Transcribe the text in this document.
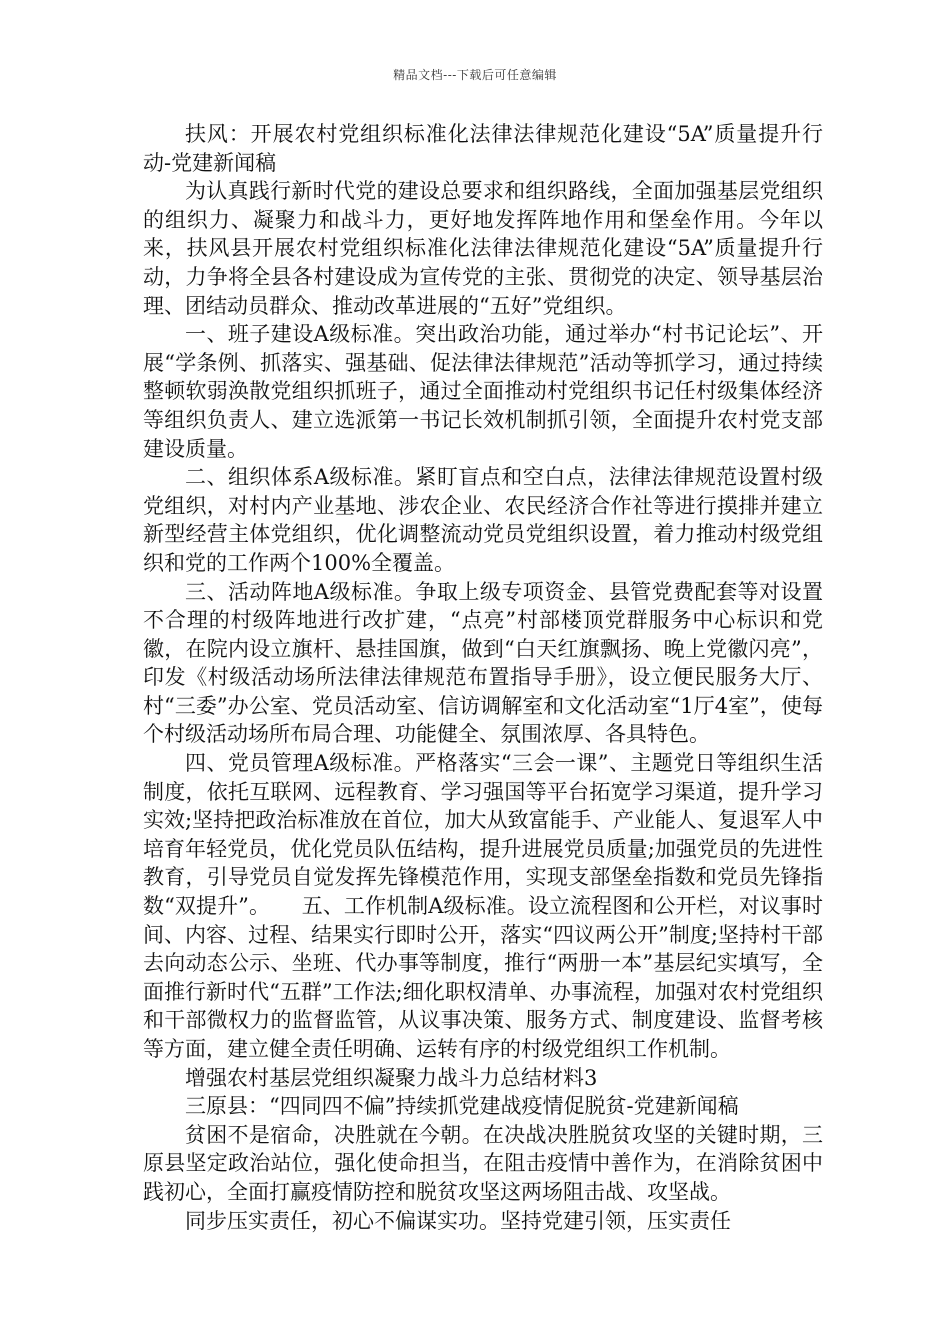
精品文档---下载后可任意编辑

扶风：开展农村党组织标准化法律法律规范化建设“5A”质量提升行动-党建新闻稿

为认真践行新时代党的建设总要求和组织路线，全面加强基层党组织的组织力、凝聚力和战斗力，更好地发挥阵地作用和堡垒作用。今年以来，扶风县开展农村党组织标准化法律法律规范化建设“5A”质量提升行动，力争将全县各村建设成为宣传党的主张、贯彻党的决定、领导基层治理、团结动员群众、推动改革进展的“五好”党组织。

一、班子建设A级标准。突出政治功能，通过举办“村书记论坛”、开展“学条例、抓落实、强基础、促法律法律规范”活动等抓学习，通过持续整顿软弱涣散党组织抓班子，通过全面推动村党组织书记任村级集体经济等组织负责人、建立选派第一书记长效机制抓引领，全面提升农村党支部建设质量。

二、组织体系A级标准。紧盯盲点和空白点，法律法律规范设置村级党组织，对村内产业基地、涉农企业、农民经济合作社等进行摸排并建立新型经营主体党组织，优化调整流动党员党组织设置，着力推动村级党组织和党的工作两个100%全覆盖。

三、活动阵地A级标准。争取上级专项资金、县管党费配套等对设置不合理的村级阵地进行改扩建，“点亮”村部楼顶党群服务中心标识和党徽，在院内设立旗杆、悬挂国旗，做到“白天红旗飘扬、晚上党徽闪亮”，印发《村级活动场所法律法律规范布置指导手册》，设立便民服务大厅、村“三委”办公室、党员活动室、信访调解室和文化活动室“1厅4室”，使每个村级活动场所布局合理、功能健全、氛围浓厚、各具特色。

四、党员管理A级标准。严格落实“三会一课”、主题党日等组织生活制度，依托互联网、远程教育、学习强国等平台拓宽学习渠道，提升学习实效;坚持把政治标准放在首位，加大从致富能手、产业能人、复退军人中培育年轻党员，优化党员队伍结构，提升进展党员质量;加强党员的先进性教育，引导党员自觉发挥先锋模范作用，实现支部堡垒指数和党员先锋指数“双提升”。　　五、工作机制A级标准。设立流程图和公开栏，对议事时间、内容、过程、结果实行即时公开，落实“四议两公开”制度;坚持村干部去向动态公示、坐班、代办事等制度，推行“两册一本”基层纪实填写，全面推行新时代“五群”工作法;细化职权清单、办事流程，加强对农村党组织和干部微权力的监督监管，从议事决策、服务方式、制度建设、监督考核等方面，建立健全责任明确、运转有序的村级党组织工作机制。

增强农村基层党组织凝聚力战斗力总结材料3

三原县：“四同四不偏”持续抓党建战疫情促脱贫-党建新闻稿

贫困不是宿命，决胜就在今朝。在决战决胜脱贫攻坚的关键时期，三原县坚定政治站位，强化使命担当，在阻击疫情中善作为，在消除贫困中践初心，全面打赢疫情防控和脱贫攻坚这两场阻击战、攻坚战。

同步压实责任，初心不偏谋实功。坚持党建引领，压实责任
